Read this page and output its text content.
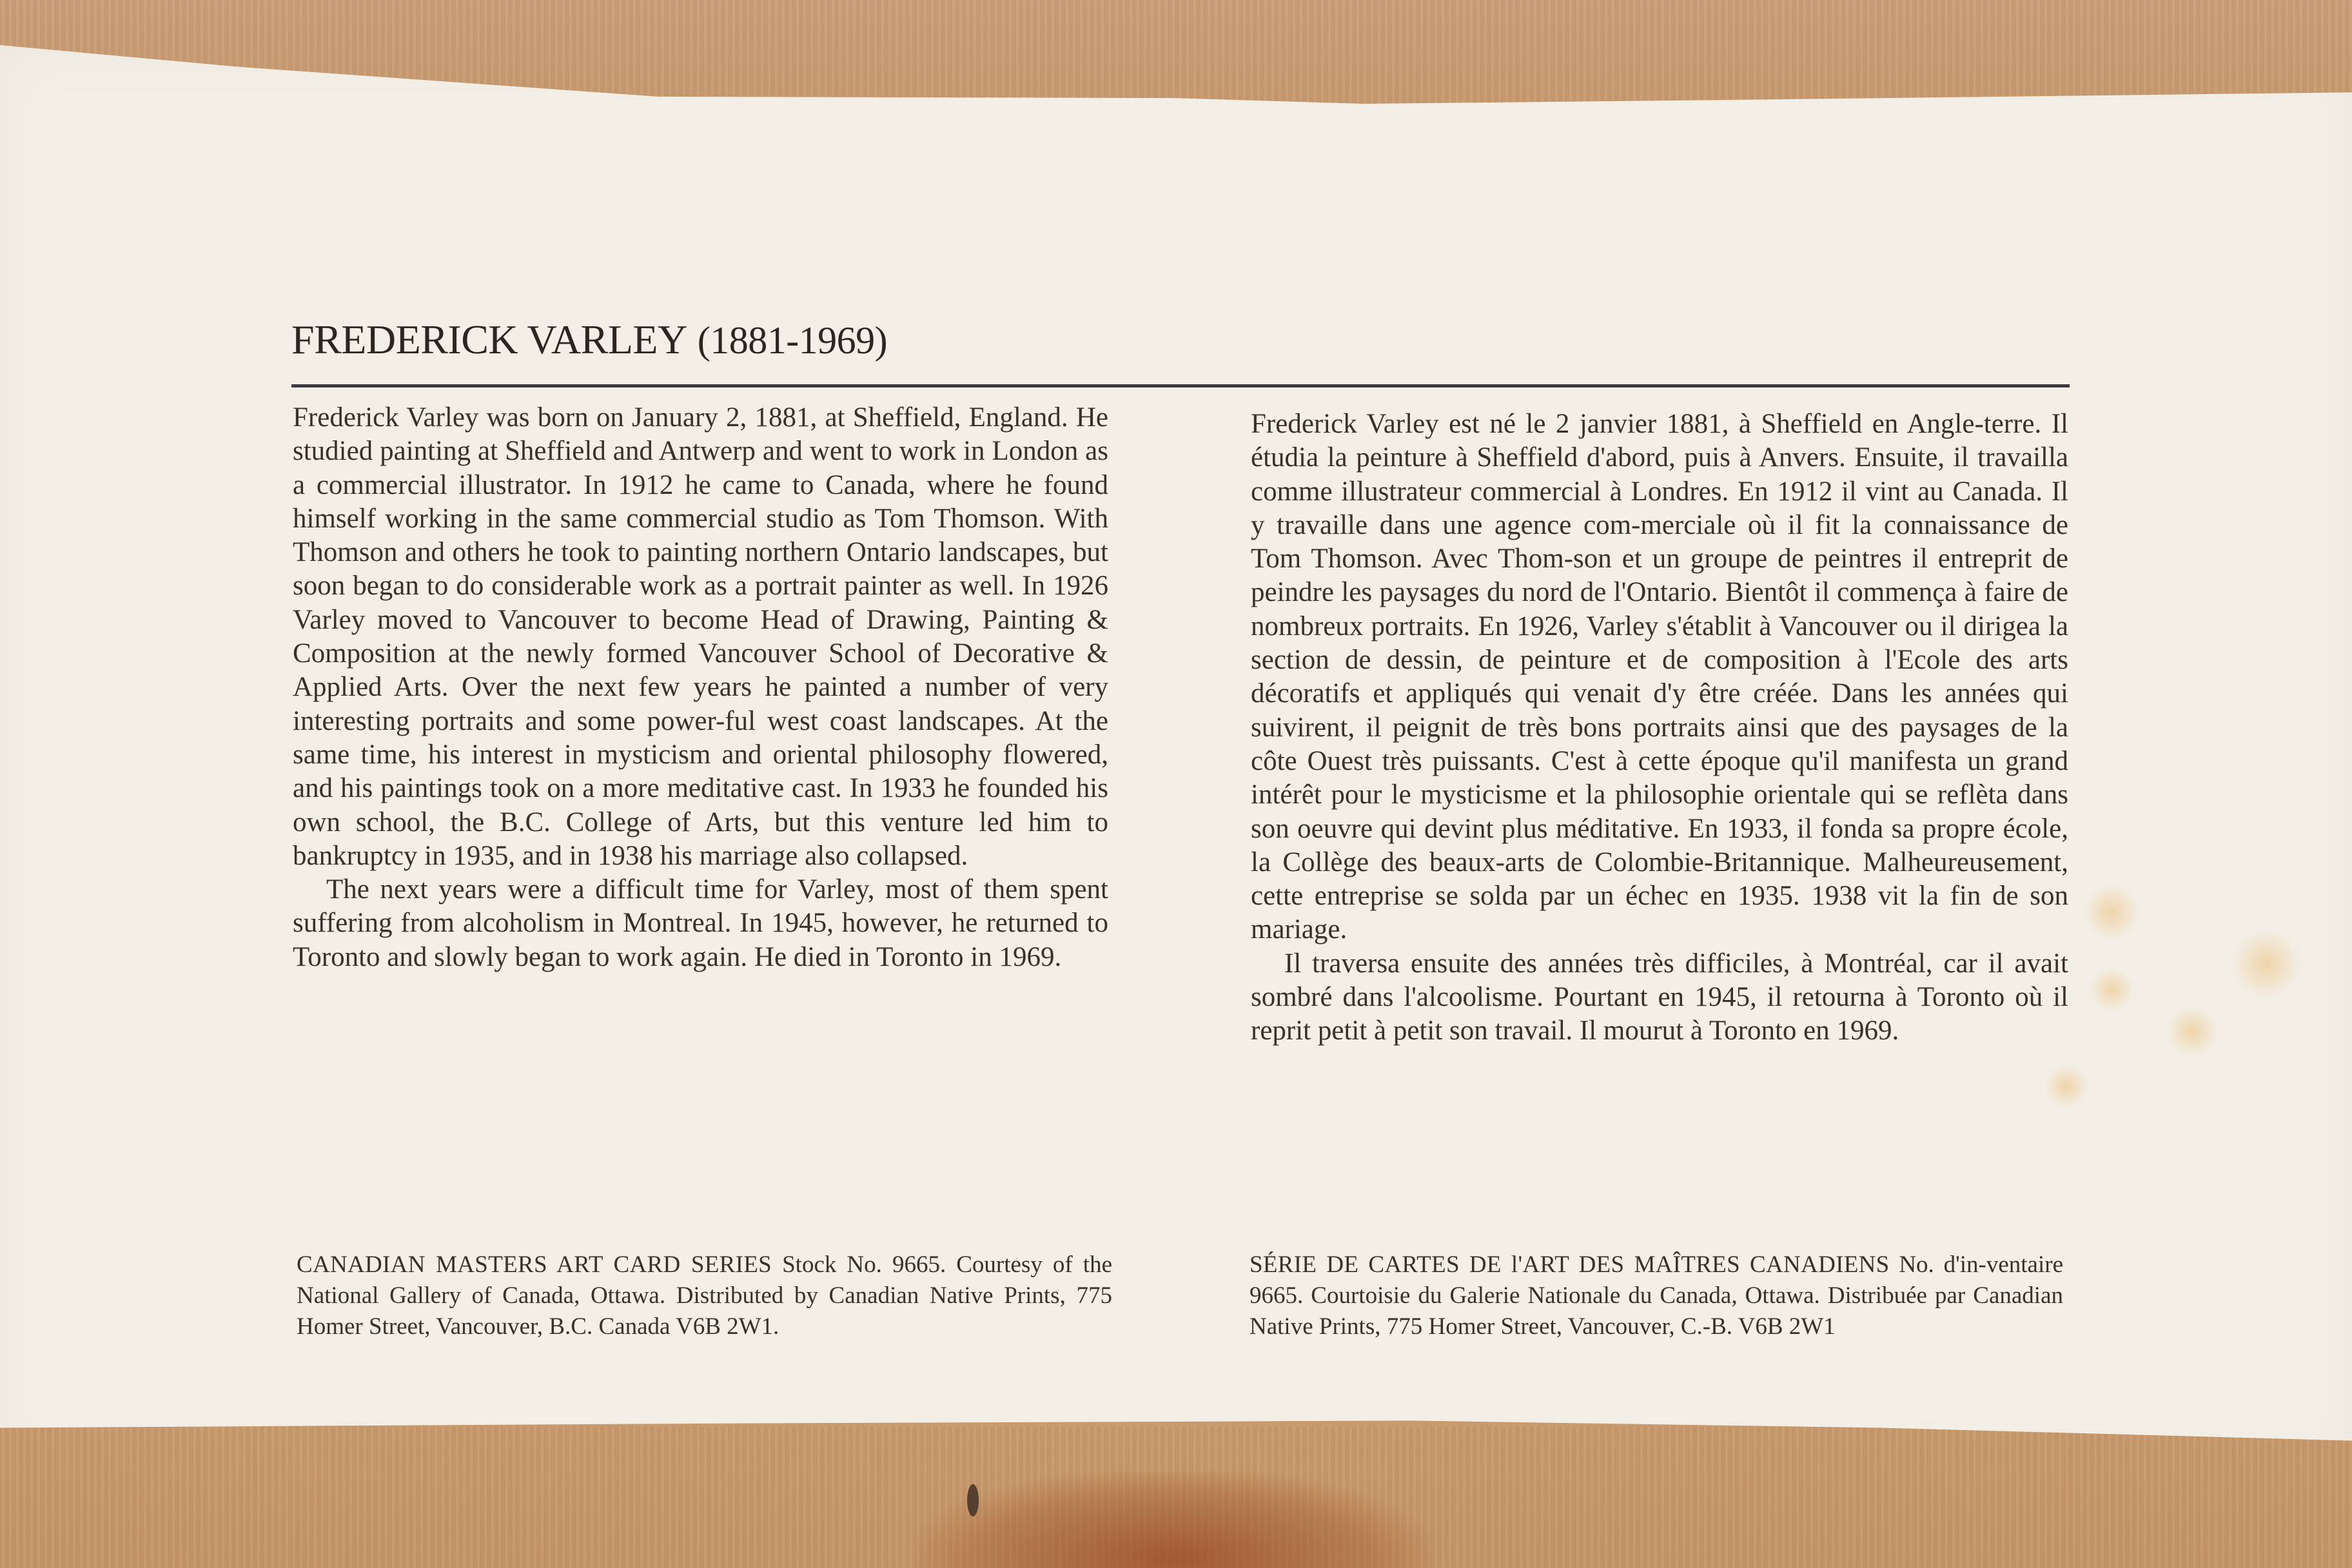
FREDERICK VARLEY (1881-1969)

Frederick Varley was born on January 2, 1881, at Sheffield, England. He studied painting at Sheffield and Antwerp and went to work in London as a commercial illustrator. In 1912 he came to Canada, where he found himself working in the same commercial studio as Tom Thomson. With Thomson and others he took to painting northern Ontario landscapes, but soon began to do considerable work as a portrait painter as well. In 1926 Varley moved to Vancouver to become Head of Drawing, Painting & Composition at the newly formed Vancouver School of Decorative & Applied Arts. Over the next few years he painted a number of very interesting portraits and some power-ful west coast landscapes. At the same time, his interest in mysticism and oriental philosophy flowered, and his paintings took on a more meditative cast. In 1933 he founded his own school, the B.C. College of Arts, but this venture led him to bankruptcy in 1935, and in 1938 his marriage also collapsed.

The next years were a difficult time for Varley, most of them spent suffering from alcoholism in Montreal. In 1945, however, he returned to Toronto and slowly began to work again. He died in Toronto in 1969.

Frederick Varley est né le 2 janvier 1881, à Sheffield en Angle-terre. Il étudia la peinture à Sheffield d'abord, puis à Anvers. Ensuite, il travailla comme illustrateur commercial à Londres. En 1912 il vint au Canada. Il y travaille dans une agence com-merciale où il fit la connaissance de Tom Thomson. Avec Thom-son et un groupe de peintres il entreprit de peindre les paysages du nord de l'Ontario. Bientôt il commença à faire de nombreux portraits. En 1926, Varley s'établit à Vancouver ou il dirigea la section de dessin, de peinture et de composition à l'Ecole des arts décoratifs et appliqués qui venait d'y être créée. Dans les années qui suivirent, il peignit de très bons portraits ainsi que des paysages de la côte Ouest très puissants. C'est à cette époque qu'il manifesta un grand intérêt pour le mysticisme et la philosophie orientale qui se reflèta dans son oeuvre qui devint plus méditative. En 1933, il fonda sa propre école, la Collège des beaux-arts de Colombie-Britannique. Malheureusement, cette entreprise se solda par un échec en 1935. 1938 vit la fin de son mariage.

Il traversa ensuite des années très difficiles, à Montréal, car il avait sombré dans l'alcoolisme. Pourtant en 1945, il retourna à Toronto où il reprit petit à petit son travail. Il mourut à Toronto en 1969.

CANADIAN MASTERS ART CARD SERIES Stock No. 9665. Courtesy of the National Gallery of Canada, Ottawa. Distributed by Canadian Native Prints, 775 Homer Street, Vancouver, B.C. Canada V6B 2W1.
SÉRIE DE CARTES DE l'ART DES MAÎTRES CANADIENS No. d'in-ventaire 9665. Courtoisie du Galerie Nationale du Canada, Ottawa. Distribuée par Canadian Native Prints, 775 Homer Street, Vancouver, C.-B. V6B 2W1
